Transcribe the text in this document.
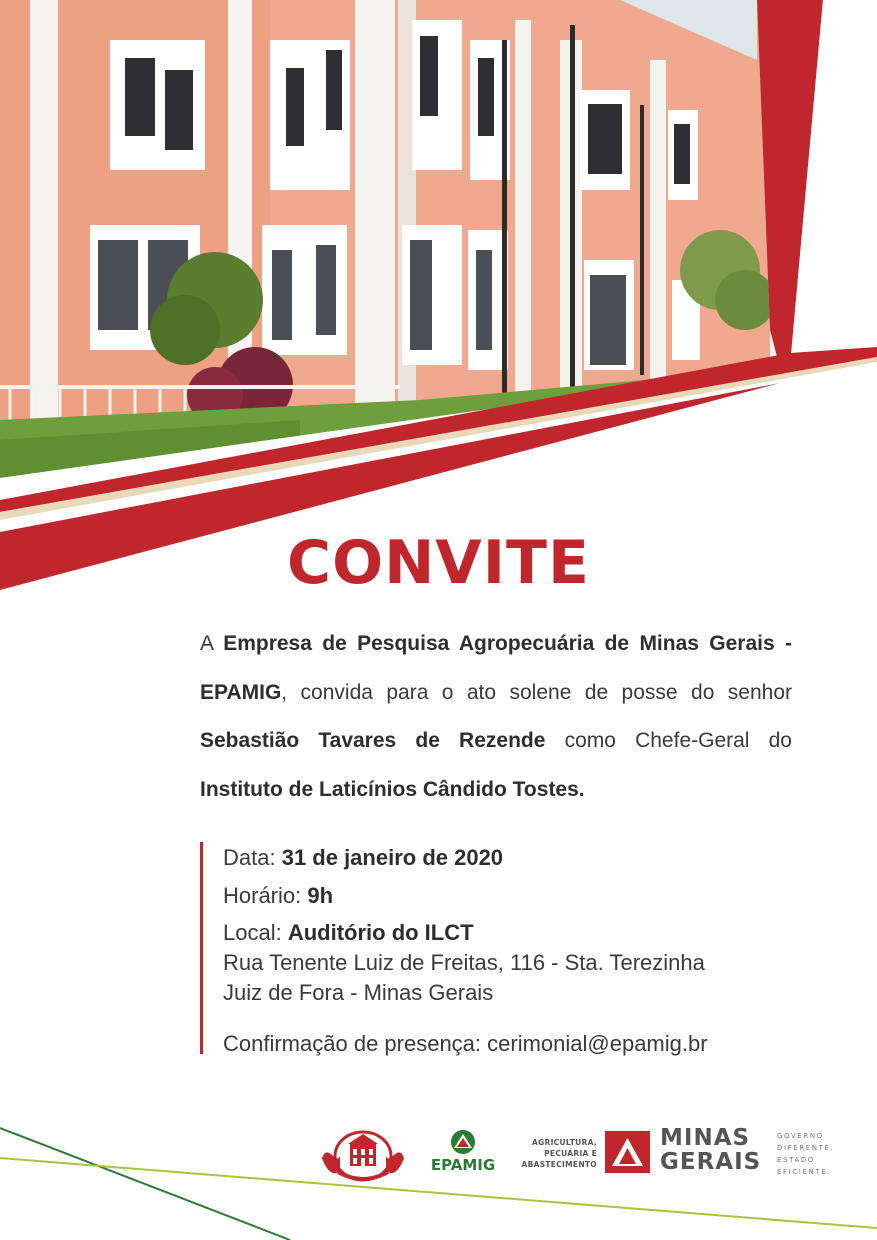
CONVITE
A Empresa de Pesquisa Agropecuária de Minas Gerais - EPAMIG, convida para o ato solene de posse do senhor Sebastião Tavares de Rezende como Chefe-Geral do Instituto de Laticínios Cândido Tostes.
Data: 31 de janeiro de 2020
Horário: 9h
Local: Auditório do ILCT
Rua Tenente Luiz de Freitas, 116 - Sta. Terezinha
Juiz de Fora - Minas Gerais
Confirmação de presença: cerimonial@epamig.br
EPAMIG
AGRICULTURA,
PECUÁRIA E
ABASTECIMENTO
MINAS
GERAIS
GOVERNO
DIFERENTE.
ESTADO
EFICIENTE.
